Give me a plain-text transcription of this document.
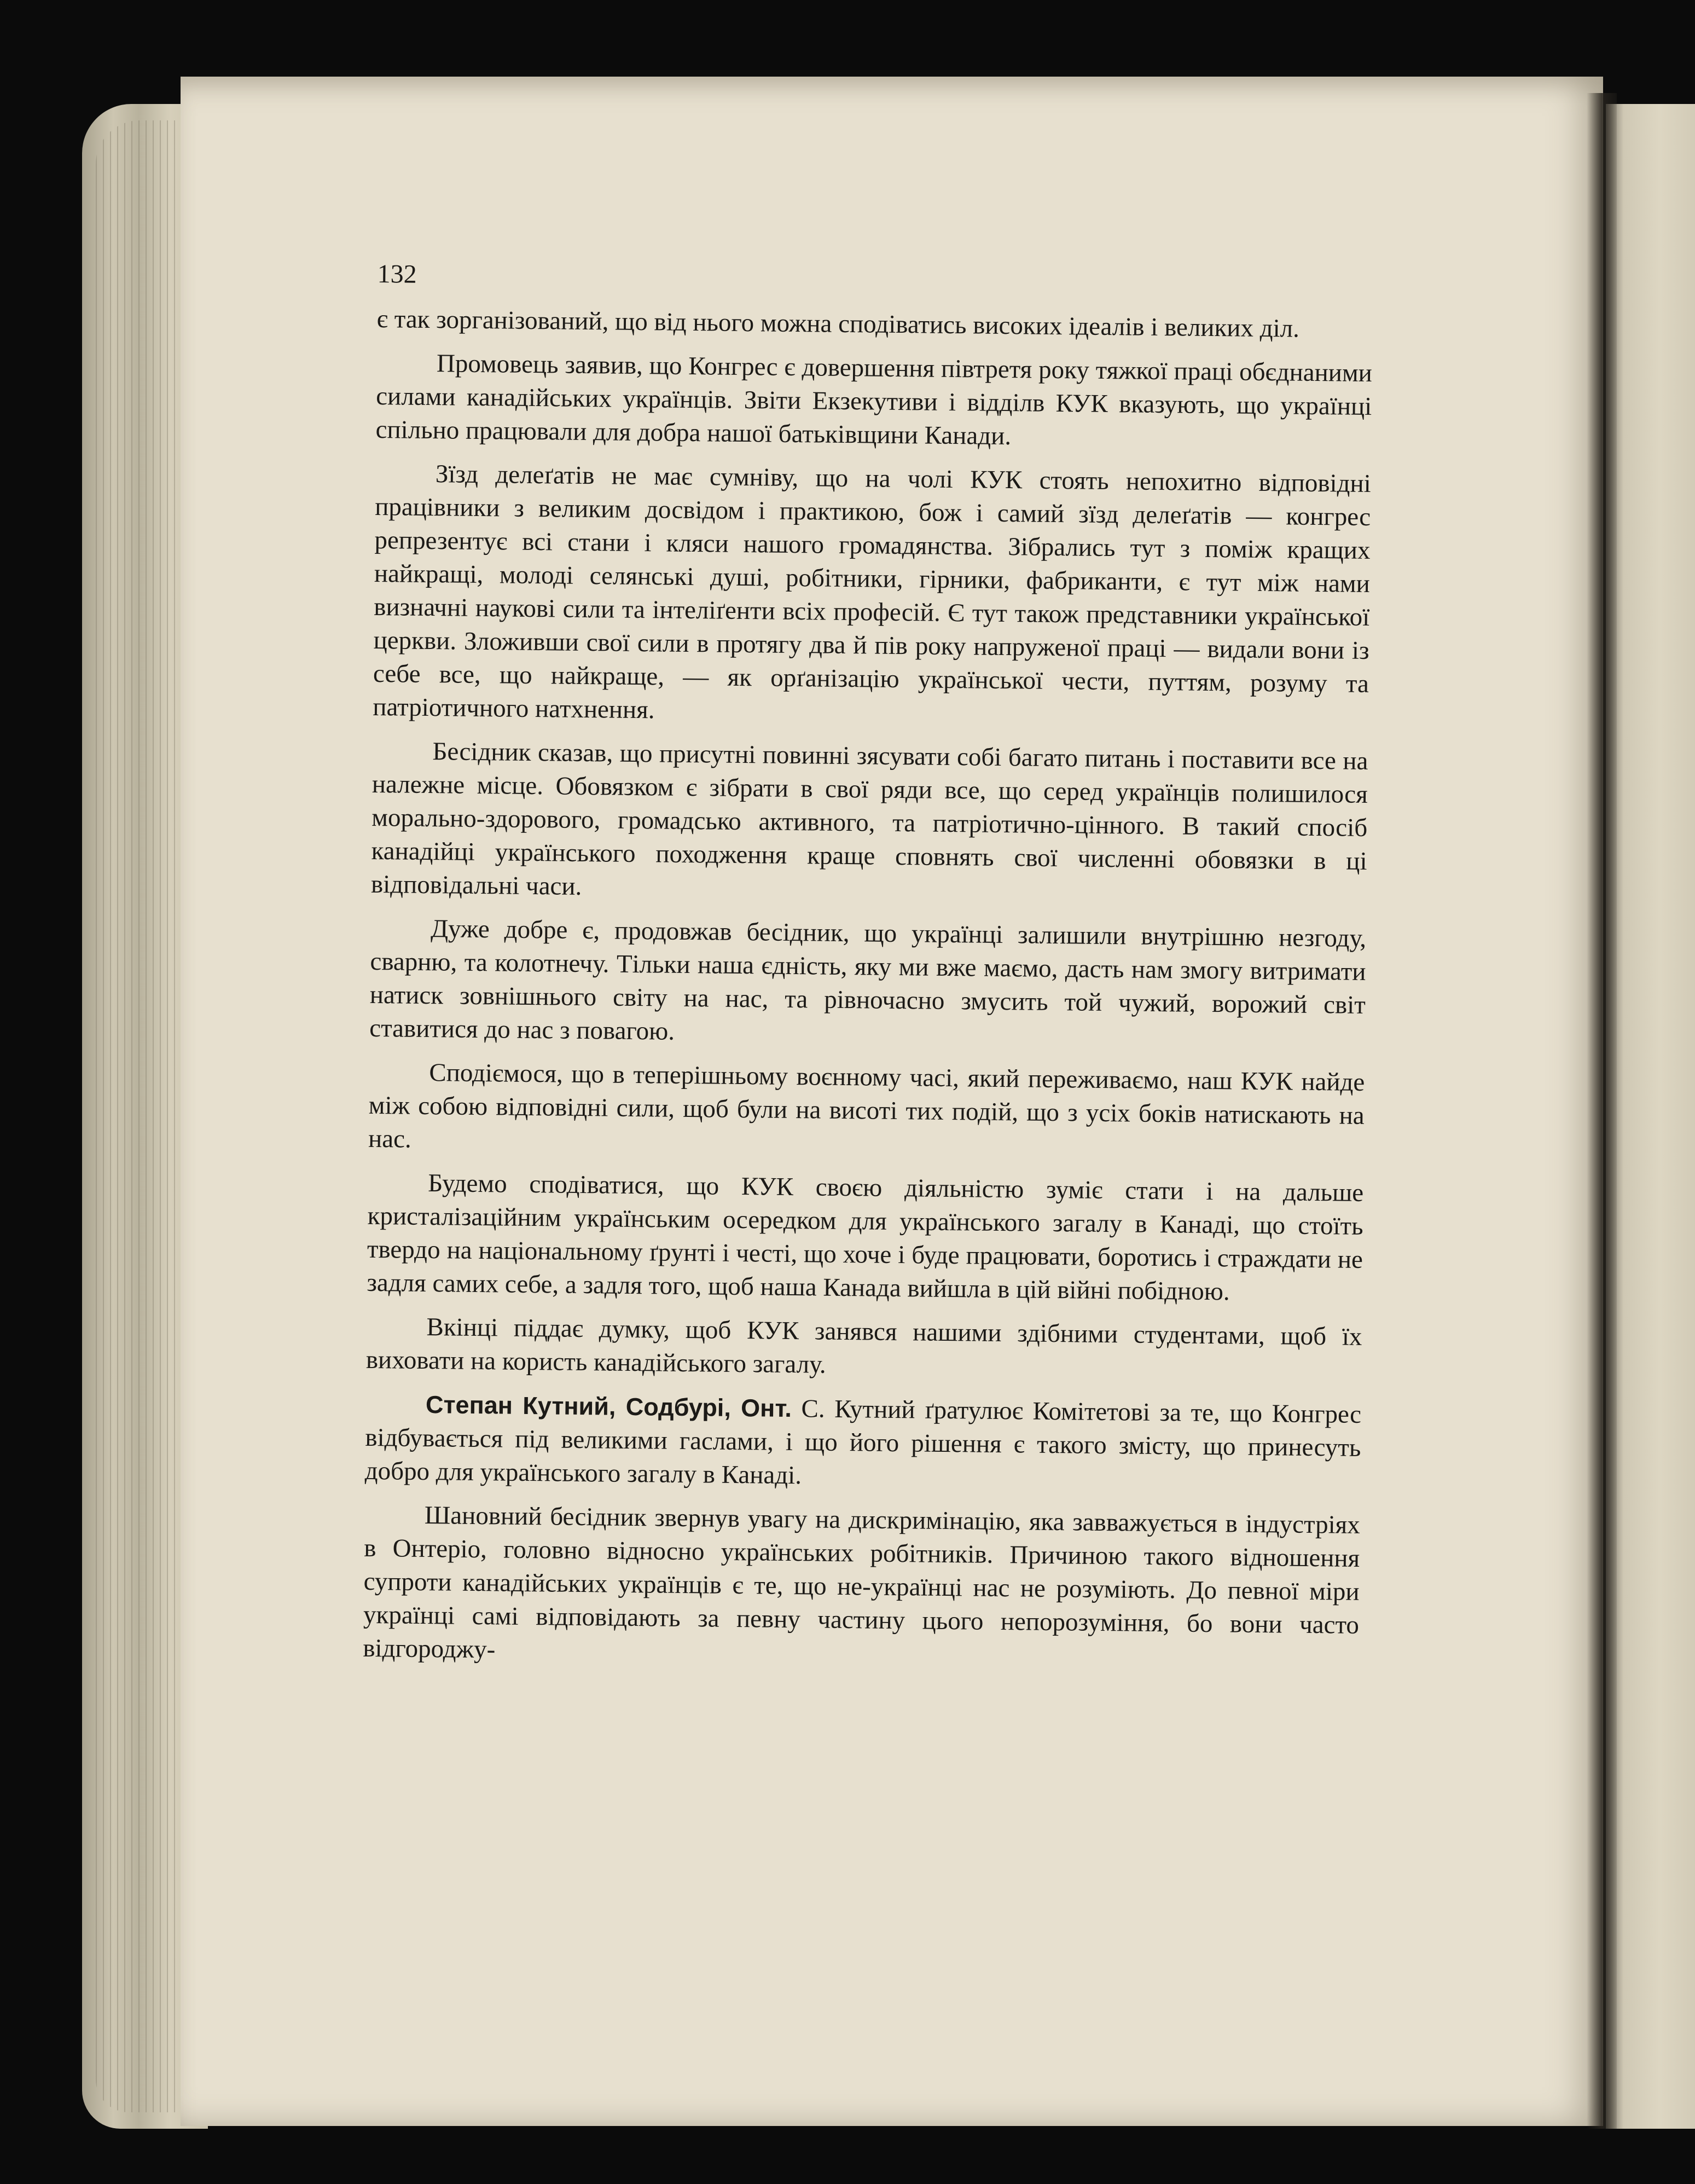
132

є так зорганізований, що від нього можна сподіватись високих ідеалів і великих діл.

Промовець заявив, що Конгрес є довершення півтретя року тяжкої праці обєднаними силами канадійських українців. Звіти Екзекутиви і відділв КУК вказують, що українці спільно працювали для добра нашої батьківщини Канади.

Зїзд делеґатів не має сумніву, що на чолі КУК стоять непохитно відповідні працівники з великим досвідом і практикою, бож і самий зїзд делеґатів — конгрес репрезентує всі стани і кляси нашого громадянства. Зібрались тут з поміж кращих найкращі, молоді селянські душі, робітники, гірники, фабриканти, є тут між нами визначні наукові сили та інтеліґенти всіх професій. Є тут також представники української церкви. Зложивши свої сили в протягу два й пів року напруженої праці — видали вони із себе все, що найкраще, — як орґанізацію української чести, путтям, розуму та патріотичного натхнення.

Бесідник сказав, що присутні повинні зясувати собі багато питань і поставити все на належне місце. Обовязком є зібрати в свої ряди все, що серед українців полишилося морально-здорового, громадсько активного, та патріотично-цінного. В такий спосіб канадійці українського походження краще сповнять свої численні обовязки в ці відповідальні часи.

Дуже добре є, продовжав бесідник, що українці залишили внутрішню незгоду, сварню, та колотнечу. Тільки наша єдність, яку ми вже маємо, дасть нам змогу витримати натиск зовнішнього світу на нас, та рівночасно змусить той чужий, ворожий світ ставитися до нас з повагою.

Сподіємося, що в теперішньому воєнному часі, який переживаємо, наш КУК найде між собою відповідні сили, щоб були на висоті тих подій, що з усіх боків натискають на нас.

Будемо сподіватися, що КУК своєю діяльністю зуміє стати і на дальше кристалізаційним українським осередком для українського загалу в Канаді, що стоїть твердо на національному ґрунті і честі, що хоче і буде працювати, боротись і страждати не задля самих себе, а задля того, щоб наша Канада вийшла в цій війні побідною.

Вкінці піддає думку, щоб КУК занявся нашими здібними студентами, щоб їх виховати на користь канадійського загалу.

Степан Кутний, Содбурі, Онт. С. Кутний ґратулює Комітетові за те, що Конгрес відбувається під великими гаслами, і що його рішення є такого змісту, що принесуть добро для українського загалу в Канаді.

Шановний бесідник звернув увагу на дискримінацію, яка завважується в індустріях в Онтеріо, головно відносно українських робітників. Причиною такого відношення супроти канадійських українців є те, що не-українці нас не розуміють. До певної міри українці самі відповідають за певну частину цього непорозуміння, бо вони часто відгороджу-
